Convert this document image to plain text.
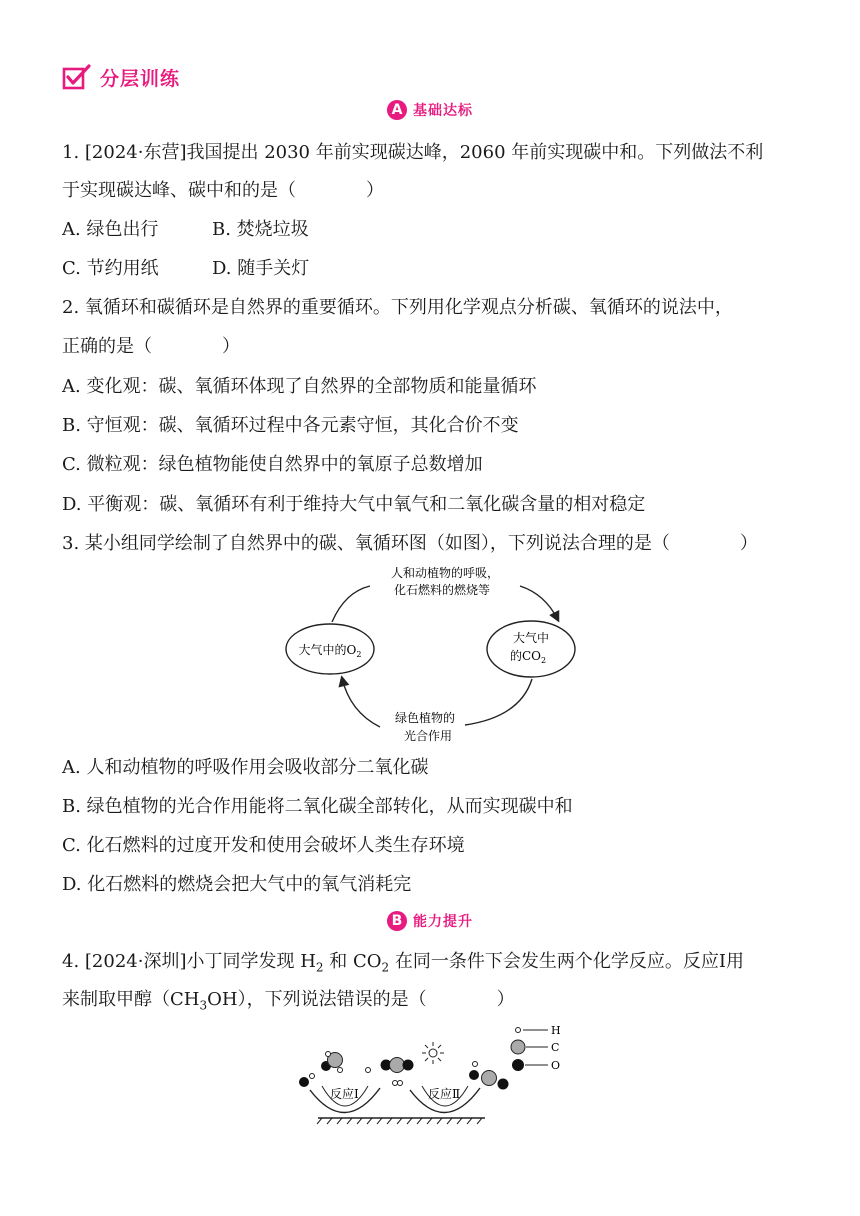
分层训练
A 基础达标
1. [2024·东营]我国提出 2030 年前实现碳达峰，2060 年前实现碳中和。下列做法不利
于实现碳达峰、碳中和的是（	）
A. 绿色出行	B. 焚烧垃圾
C. 节约用纸	D. 随手关灯
2. 氧循环和碳循环是自然界的重要循环。下列用化学观点分析碳、氧循环的说法中，
正确的是（	）
A. 变化观：碳、氧循环体现了自然界的全部物质和能量循环
B. 守恒观：碳、氧循环过程中各元素守恒，其化合价不变
C. 微粒观：绿色植物能使自然界中的氧原子总数增加
D. 平衡观：碳、氧循环有利于维持大气中氧气和二氧化碳含量的相对稳定
3. 某小组同学绘制了自然界中的碳、氧循环图（如图），下列说法合理的是（	）
人和动植物的呼吸，
化石燃料的燃烧等
大气中的$O_2$
大气中
的$CO_2$
绿色植物的
光合作用
A. 人和动植物的呼吸作用会吸收部分二氧化碳
B. 绿色植物的光合作用能将二氧化碳全部转化，从而实现碳中和
C. 化石燃料的过度开发和使用会破坏人类生存环境
D. 化石燃料的燃烧会把大气中的氧气消耗完
B 能力提升
4. [2024·深圳]小丁同学发现 $H_2$ 和 $CO_2$ 在同一条件下会发生两个化学反应。反应Ⅰ用
来制取甲醇$(CH_3OH)$，下列说法错误的是（	）
H
C
O
反应Ⅰ	反应Ⅱ
